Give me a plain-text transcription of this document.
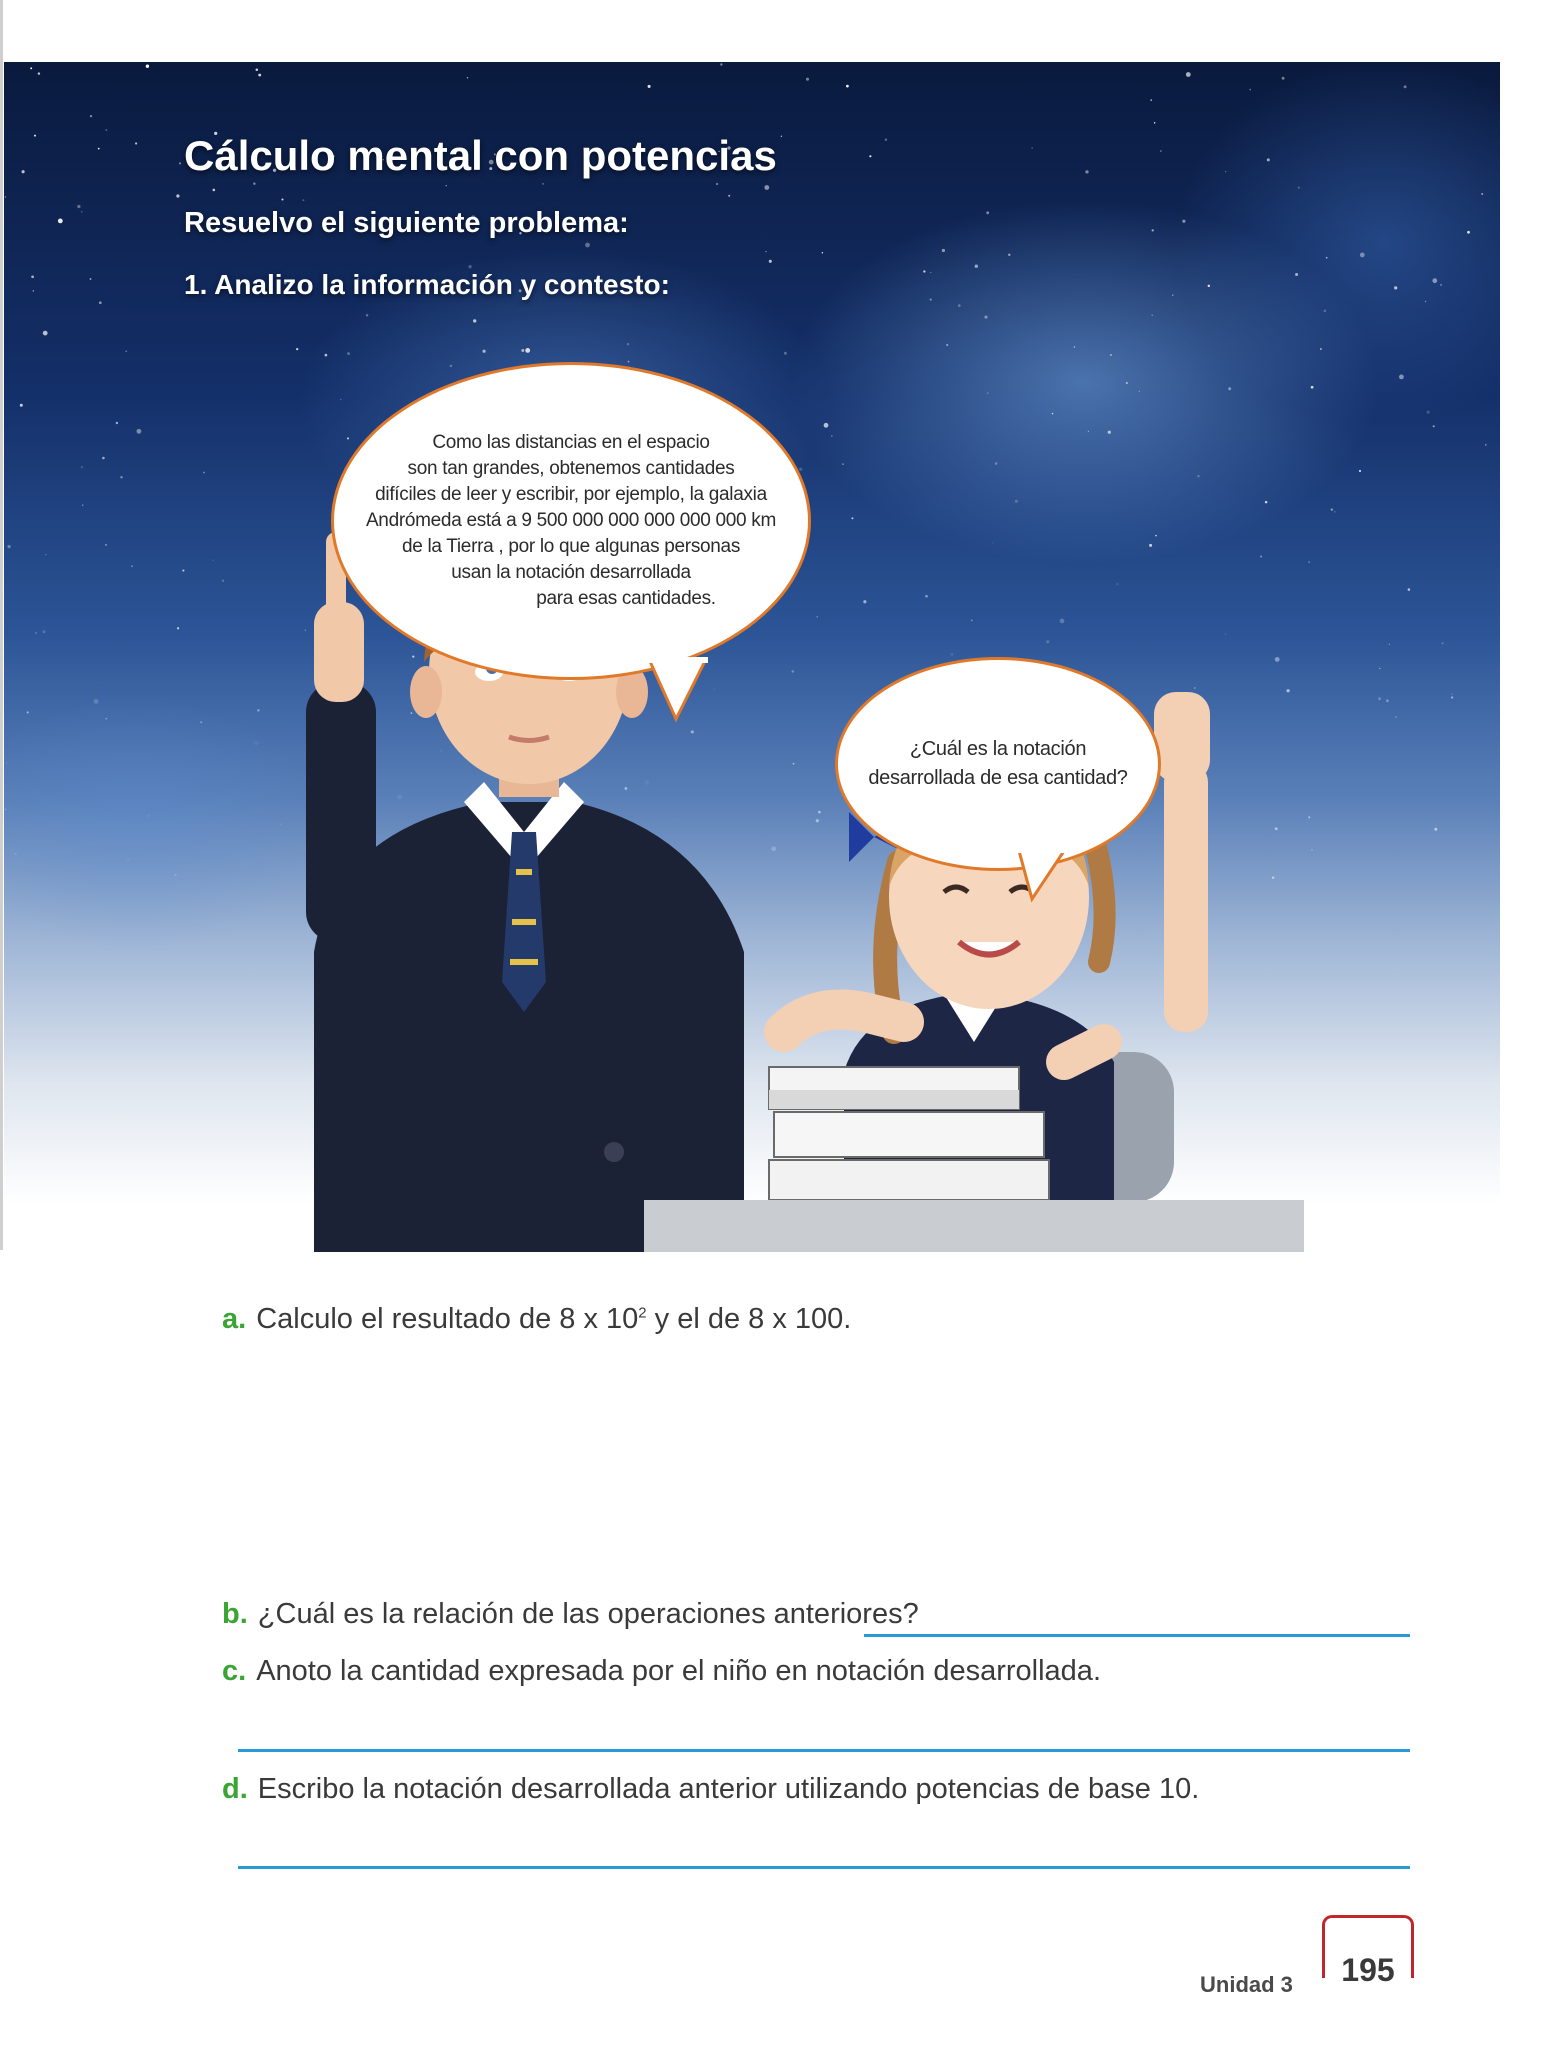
Cálculo mental con potencias
Resuelvo el siguiente problema:
1. Analizo la información y contesto:
Como las distancias en el espacio
son tan grandes, obtenemos cantidades
difíciles de leer y escribir, por ejemplo, la galaxia
Andrómeda está a 9 500 000 000 000 000 000 km
de la Tierra , por lo que algunas personas
usan la notación desarrollada
para esas cantidades.
¿Cuál es la notación
desarrollada de esa cantidad?

a. Calculo el resultado de 8 x $10^2$ y el de 8 x 100.

b. ¿Cuál es la relación de las operaciones anteriores?

c. Anoto la cantidad expresada por el niño en notación desarrollada.

d. Escribo la notación desarrollada anterior utilizando potencias de base 10.

Unidad 3	195
